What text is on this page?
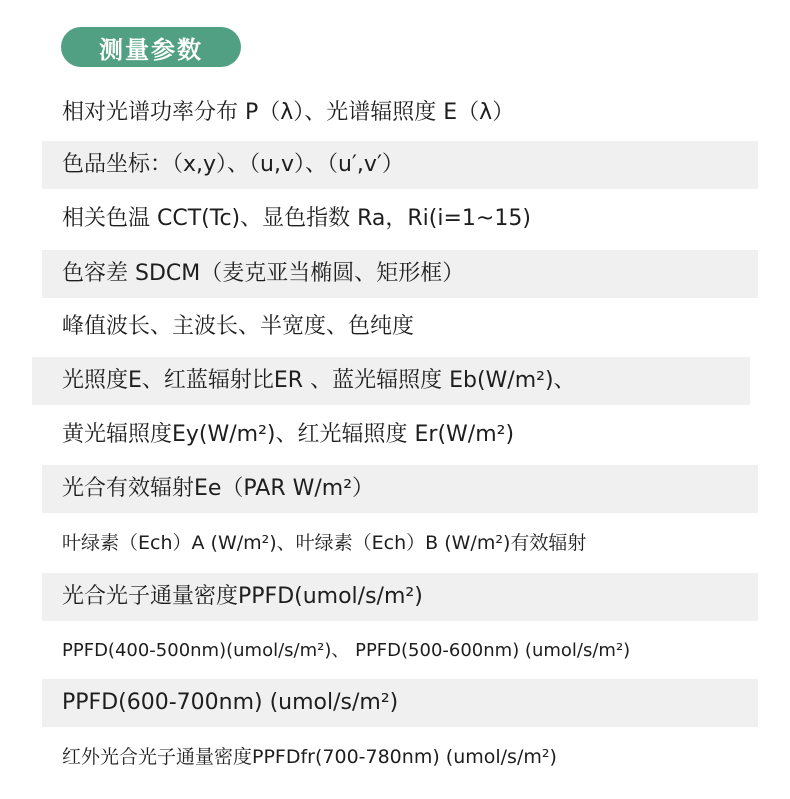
测量参数
相对光谱功率分布 P（λ）、光谱辐照度 E（λ）
色品坐标：（x,y）、（u,v）、（u′,v′）
相关色温 CCT(Tc)、显色指数 Ra，Ri(i=1~15)
色容差 SDCM（麦克亚当椭圆、矩形框）
峰值波长、主波长、半宽度、色纯度
光照度E、红蓝辐射比ER 、蓝光辐照度 Eb(W/m²)、
黄光辐照度Ey(W/m²)、红光辐照度 Er(W/m²)
光合有效辐射Ee（PAR W/m²）
叶绿素（Ech）A (W/m²)、叶绿素（Ech）B (W/m²)有效辐射
光合光子通量密度PPFD(umol/s/m²)
PPFD(400-500nm)(umol/s/m²)、 PPFD(500-600nm) (umol/s/m²)
PPFD(600-700nm) (umol/s/m²)
红外光合光子通量密度PPFDfr(700-780nm) (umol/s/m²)
